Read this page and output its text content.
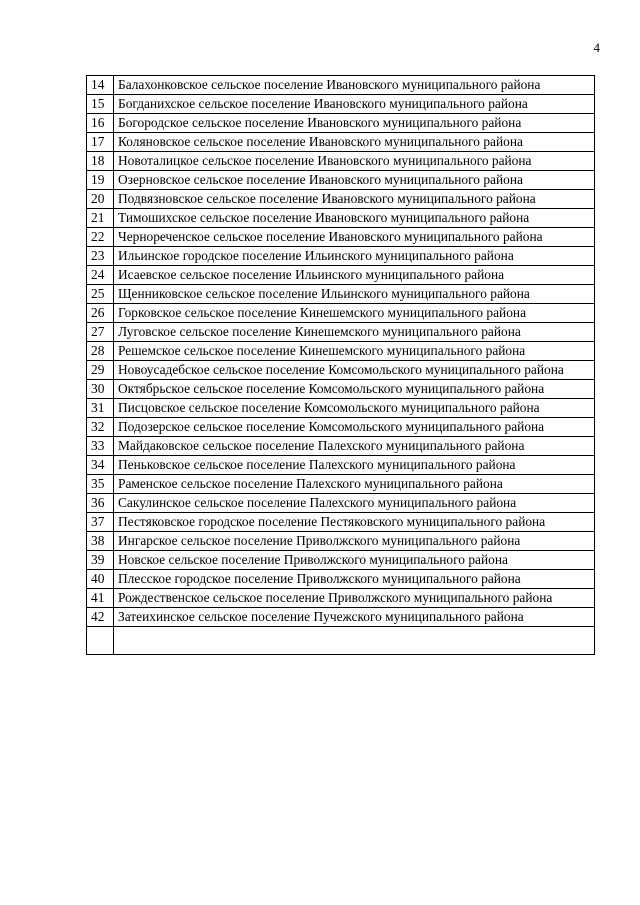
4
14	Балахонковское сельское поселение Ивановского муниципального района
15	Богданихское сельское поселение Ивановского муниципального района
16	Богородское сельское поселение Ивановского муниципального района
17	Коляновское сельское поселение Ивановского муниципального района
18	Новоталицкое сельское поселение Ивановского муниципального района
19	Озерновское сельское поселение Ивановского муниципального района
20	Подвязновское сельское поселение Ивановского муниципального района
21	Тимошихское сельское поселение Ивановского муниципального района
22	Чернореченское сельское поселение Ивановского муниципального района
23	Ильинское городское поселение Ильинского муниципального района
24	Исаевское сельское поселение Ильинского муниципального района
25	Щенниковское сельское поселение Ильинского муниципального района
26	Горковское сельское поселение Кинешемского муниципального района
27	Луговское сельское поселение Кинешемского муниципального района
28	Решемское сельское поселение Кинешемского муниципального района
29	Новоусадебское сельское поселение Комсомольского муниципального района
30	Октябрьское сельское поселение Комсомольского муниципального района
31	Писцовское сельское поселение Комсомольского муниципального района
32	Подозерское сельское поселение Комсомольского муниципального района
33	Майдаковское сельское поселение Палехского муниципального района
34	Пеньковское сельское поселение Палехского муниципального района
35	Раменское сельское поселение Палехского муниципального района
36	Сакулинское сельское поселение Палехского муниципального района
37	Пестяковское городское поселение Пестяковского муниципального района
38	Ингарское сельское поселение Приволжского муниципального района
39	Новское сельское поселение Приволжского муниципального района
40	Плесское городское поселение Приволжского муниципального района
41	Рождественское сельское поселение Приволжского муниципального района
42	Затеихинское сельское поселение Пучежского муниципального района
